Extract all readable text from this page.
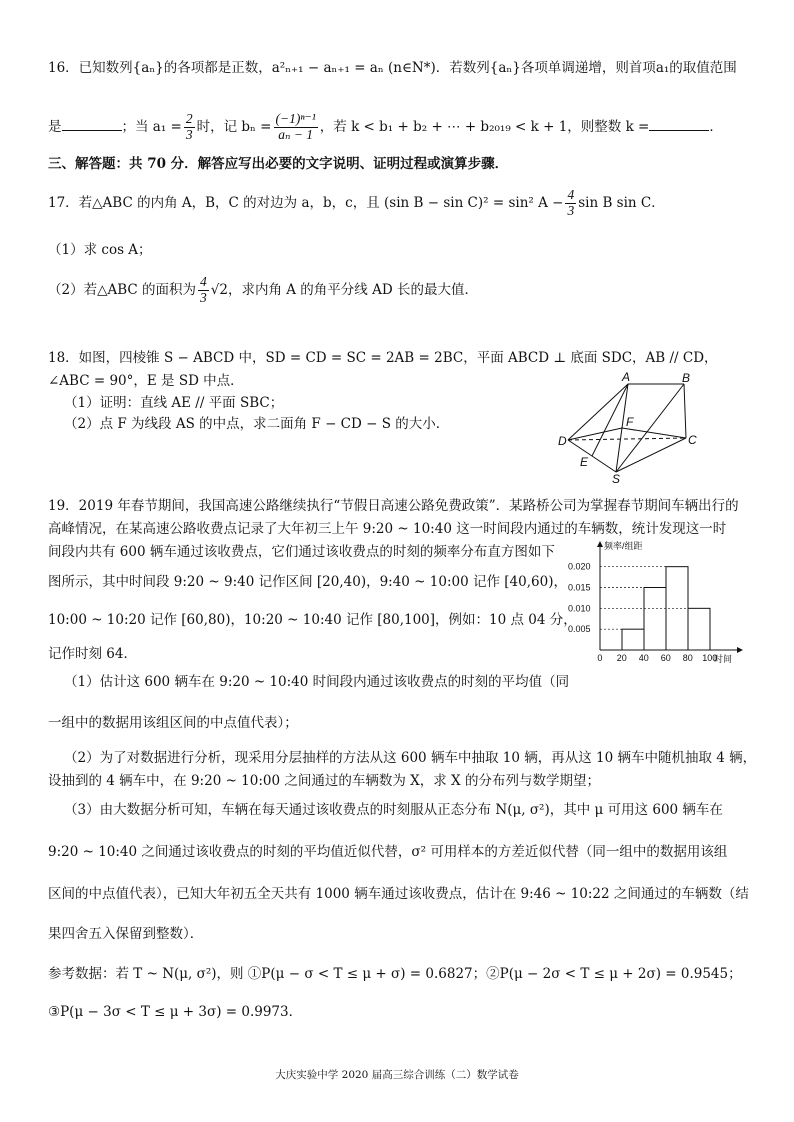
16．已知数列{aₙ}的各项都是正数，a²ₙ₊₁ − aₙ₊₁ = aₙ (n∈N*)．若数列{aₙ}各项单调递增，则首项a₁的取值范围
是	；当 $a_1 = \frac{2}{3}$ 时，记 $b_n = \frac{\text{(−1)ⁿ⁻¹}}{\text{aₙ − 1}}$ ，若 k < b₁ + b₂ + ⋯ + b₂₀₁₉ < k + 1，则整数 k =	．
三、解答题：共 70 分．解答应写出必要的文字说明、证明过程或演算步骤．
17．若△ABC 的内角 A，B，C 的对边为 a，b，c，且 (sin B − sin C)² = sin² $A - \frac{4}{3}$ sin B sin C．
（1）求 cos A；
（2）若△ABC 的面积为 $\frac{4}{3} √2$，求内角 A 的角平分线 AD 长的最大值．
18．如图，四棱锥 S − ABCD 中，SD = CD = SC = 2AB = 2BC，平面 ABCD ⊥ 底面 SDC，AB // CD，
∠ABC = 90°，E 是 SD 中点．
（1）证明：直线 AE // 平面 SBC；
（2）点 F 为线段 AS 的中点，求二面角 F − CD − S 的大小．
A	B
D	C
E
F
S
19．2019 年春节期间，我国高速公路继续执行“节假日高速公路免费政策”．某路桥公司为掌握春节期间车辆出行的
高峰情况，在某高速公路收费点记录了大年初三上午 9:20 ~ 10:40 这一时间段内通过的车辆数，统计发现这一时
间段内共有 600 辆车通过该收费点，它们通过该收费点的时刻的频率分布直方图如下
图所示，其中时间段 9:20 ~ 9:40 记作区间 [20,40)，9:40 ~ 10:00 记作 [40,60)，
10:00 ~ 10:20 记作 [60,80)，10:20 ~ 10:40 记作 [80,100]，例如：10 点 04 分，
记作时刻 64．	0 20 40 60 80 100
0.005
0.010
0.015
0.020
频率/组距
时间
（1）估计这 600 辆车在 9:20 ~ 10:40 时间段内通过该收费点的时刻的平均值（同
一组中的数据用该组区间的中点值代表）；
（2）为了对数据进行分析，现采用分层抽样的方法从这 600 辆车中抽取 10 辆，再从这 10 辆车中随机抽取 4 辆，
设抽到的 4 辆车中，在 9:20 ~ 10:00 之间通过的车辆数为 X，求 X 的分布列与数学期望；
（3）由大数据分析可知，车辆在每天通过该收费点的时刻服从正态分布 N(μ, σ²)，其中 μ 可用这 600 辆车在
9:20 ~ 10:40 之间通过该收费点的时刻的平均值近似代替，σ² 可用样本的方差近似代替（同一组中的数据用该组
区间的中点值代表），已知大年初五全天共有 1000 辆车通过该收费点，估计在 9:46 ~ 10:22 之间通过的车辆数（结
果四舍五入保留到整数）．
参考数据：若 T ~ N(μ, σ²)，则 ①P(μ − σ < T ≤ μ + σ) = 0.6827；②P(μ − 2σ < T ≤ μ + 2σ) = 0.9545；
③P(μ − 3σ < T ≤ μ + 3σ) = 0.9973．
大庆实验中学 2020 届高三综合训练（二）数学试卷
